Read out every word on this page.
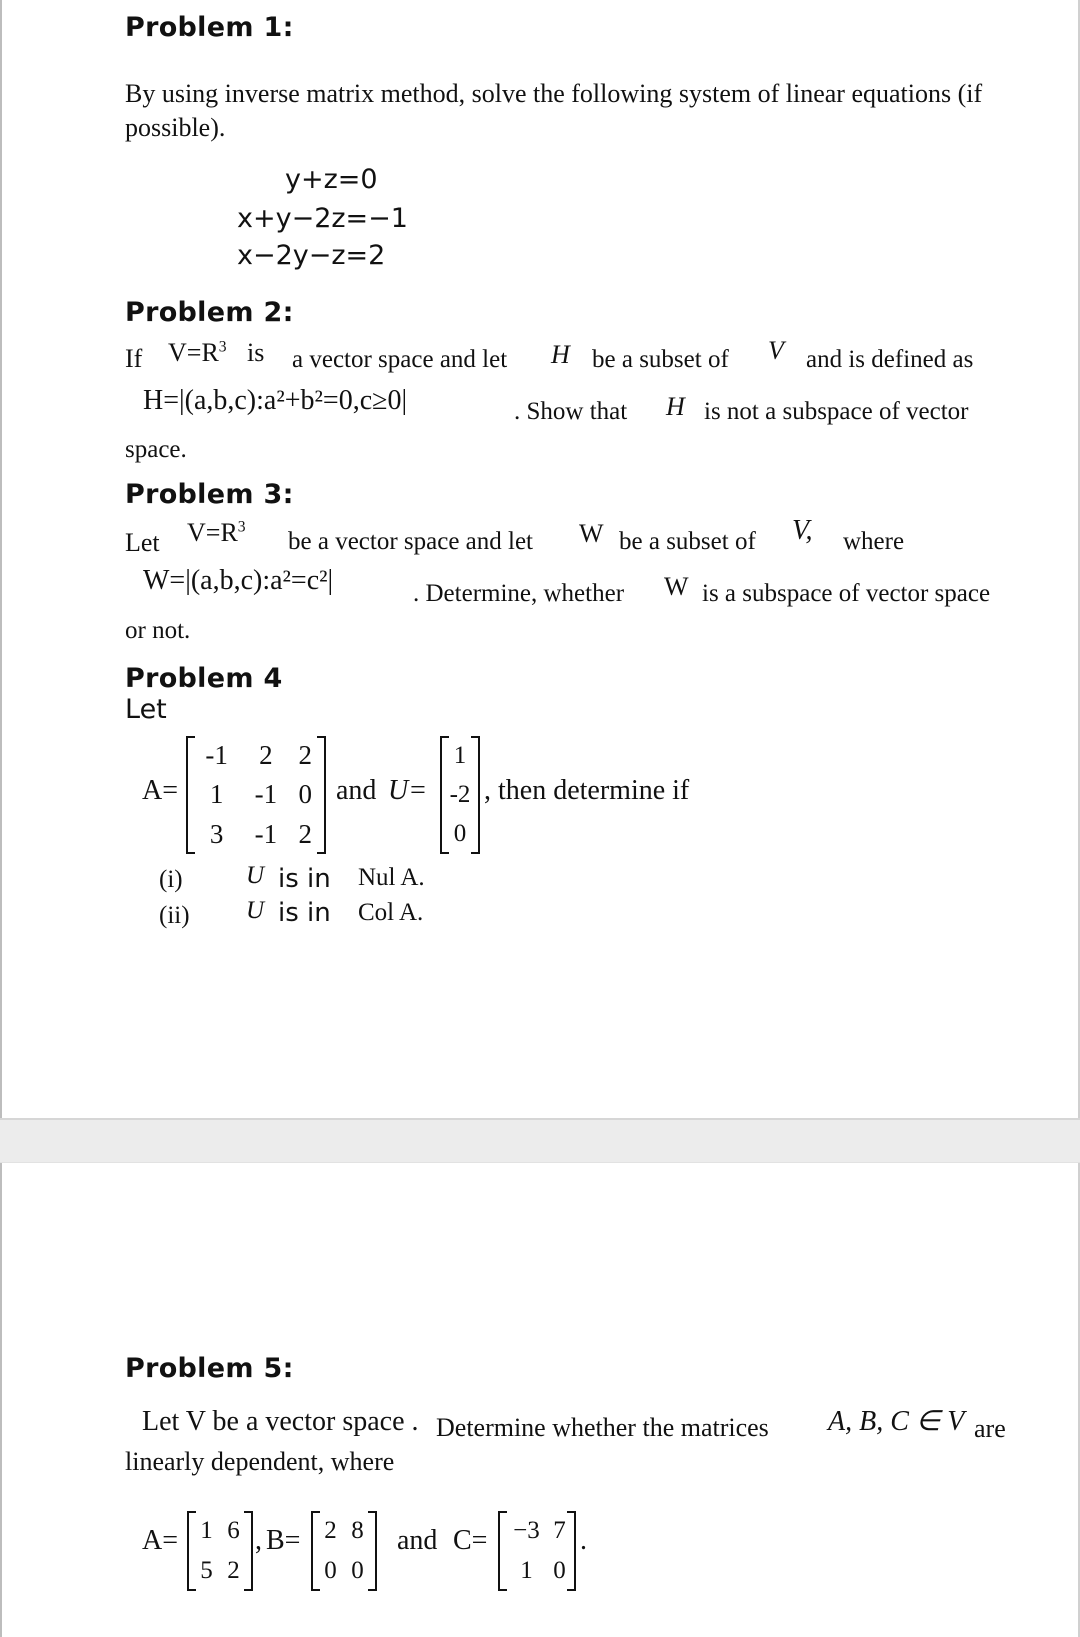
Problem 1:
By using inverse matrix method, solve the following system of linear equations (if
possible).
y+z=0
x+y−2z=−1
x−2y−z=2
Problem 2:
If $V=R^3$ is a vector space and let H be a subset of V and is defined as
H=|(a,b,c):a²+b²=0,c≥0|	. Show that H is not a subspace of vector
space.
Problem 3:
Let $V=R^3$
be a vector space and let W be a subset of V, where
W=|(a,b,c):a²=c²|	. Determine, whether W is a subspace of vector space
or not.
Problem 4
Let
A=
-1	2	2
1	-1	0
3	-1	2
and U=
1
-2
0
, then determine if
(i)	U is in Nul A.
(ii) U is in Col A.
Problem 5:
Let V be a vector space . Determine whether the matrices A, B, C ∈ V are
linearly dependent, where
A= 1	6
5	2
, B= 2	8
0	0
and C= −3	7
1	0
.
